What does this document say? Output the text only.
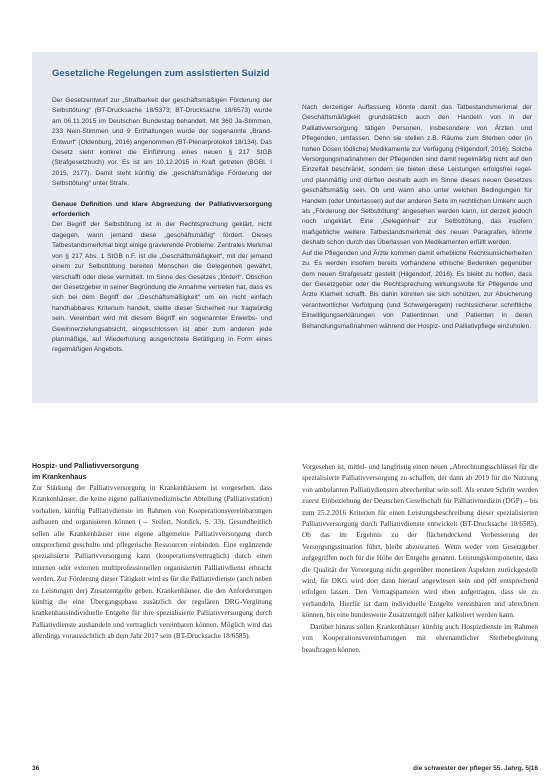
Gesetzliche Regelungen zum assistierten Suizid

Der Gesetzentwurf zur „Strafbarkeit der geschäftsmäßigen Förderung der Selbsttötung“ (BT-Drucksache 18/5373; BT-Drucksache 18/6573) wurde am 06.11.2015 im Deutschen Bundestag behandelt. Mit 360 Ja-Stimmen, 233 Nein-Stimmen und 9 Enthaltungen wurde der sogenannte „Brand-Entwurf“ (Oldenburg, 2016) angenommen (BT-Plenarprotokoll 18/134). Das Gesetz sieht konkret die Einführung eines neuen § 217 StGB (Strafgesetzbuch) vor. Es ist am 10.12.2015 in Kraft getreten (BGBl. I 2015, 2177). Damit steht künftig die „geschäftsmäßige Förderung der Selbsttötung“ unter Strafe.

Genaue Definition und klare Abgrenzung der Palliativversorgung erforderlich

Der Begriff der Selbsttötung ist in der Rechtsprechung geklärt, nicht dagegen, wann jemand diese „geschäftsmäßig“ fördert. Dieses Tatbestandsmerkmal birgt einige gravierende Probleme: Zentrales Merkmal von § 217 Abs. 1 StGB n.F. ist die „Geschäftsmäßigkeit“, mit der jemand einem zur Selbsttötung bereiten Menschen die Gelegenheit gewährt, verschafft oder diese vermittelt. Im Sinne des Gesetzes „fördert“. Obschon der Gesetzgeber in seiner Begründung die Annahme vertreten hat, dass es sich bei dem Begriff der „Geschäftsmäßigkeit“ um ein nicht einfach handhabbares Kriterium handelt, stellte dieser Sicherheit nur fragwürdig sein. Vereinbart wird mit diesem Begriff ein sogenannter Erwerbs- und Gewinnerzielungsabsicht, eingeschlossen ist aber zum anderen jede planmäßige, auf Wiederholung ausgerichtete Betätigung in Form eines regelmäßigen Angebots.

Nach derzeitiger Auffassung könnte damit das Tatbestandsmerkmal der Geschäftsmäßigkeit grundsätzlich auch den Handeln von in der Palliativversorgung tätigen Personen, insbesondere von Ärzten und Pflegenden, umfassen. Denn sie stellen z.B. Räume zum Sterben oder (in hohen Dosen tödliche) Medikamente zur Verfügung (Hilgendorf, 2016). Solche Versorgungsmaßnahmen der Pflegenden sind damit regelmäßig nicht auf den Einzelfall beschränkt, sondern sie bieten diese Leistungen erfolgsfrei regel- und planmäßig und dürften deshalb auch im Sinne dieses neuen Gesetzes geschäftsmäßig sein. Ob und wann also unter welchen Bedingungen für Handeln (oder Unterlassen) auf der anderen Seite im rechtlichen Umkehr auch als „Förderung der Selbsttötung“ angesehen werden kann, ist derzeit jedoch noch ungeklärt. Eine „Gelegenheit“ zur Selbsttötung, das insofern maßgebliche weitere Tatbestandsmerkmal des neuen Paragrafen, könnte deshalb schon durch das Überlassen von Medikamenten erfüllt werden.

Auf die Pflegenden und Ärzte kommen damit erhebliche Rechtsunsicherheiten zu. Es werden insofern bereits vorhandene ethische Bedenken gegenüber dem neuen Strafgesetz gestellt (Hilgendorf, 2016). Es bleibt zu hoffen, dass der Gesetzgeber oder die Rechtsprechung wirkungsvolle für Pflegende und Ärzte Klarheit schafft. Bis dahin könnten sie sich schützen, zur Absicherung verantwortlicher Verfolgung (und Schweigeregeln) rechtssicherer schriftliche Einwilligungserklärungen von Patientinnen und Patienten in deren Behandlungsmaßnahmen während der Hospiz- und Palliativpflege einzuholen.

Hospiz- und Palliativversorgung
im Krankenhaus

Zur Stärkung der Palliativversorgung in Krankenhäusern ist vorgesehen, dass Krankenhäuser, die keine eigene palliativmedizinische Abteilung (Palliativstation) vorhalten, künftig Palliativdienste im Rahmen von Kooperationsvereinbarungen aufbauen und organisieren können (→ Seifert, Nordick, S. 33). Gesundheitlich sollen alle Krankenhäuser eine eigene allgemeine Palliativversorgung durch entsprechend geschulte und pflegerische Ressourcen einbinden. Eine ergänzende spezialisierte Palliativversorgung kann (kooperationsvertraglich) durch einen internen oder externen multiprofessionellen organisierten Palliativdienst erbracht werden. Zur Förderung dieser Tätigkeit wird es für die Palliativdienste (auch neben zu Leistungen der) Zusatzentgelte geben. Krankenhäuser, die den Anforderungen künftig die eine Übergangsphase zusätzlich der regulären DRG-Vergütung krankenhausindividuelle Entgelte für ihre spezialisierte Palliativversorgung durch Palliativdienste aushandeln und vertraglich vereinbaren können. Möglich wird das allerdings voraussichtlich ab dem Jahr 2017 sein (BT-Drucksache 18/6585).

Vorgesehen ist, mittel- und langfristig einen neuen „Abrechnungsschlüssel für die spezialisierte Palliativversorgung zu schaffen, der dann ab 2019 für die Nutzung von ambulanten Palliativdiensten abrechenbar sein soll. Als ersten Schritt werden zuerst Einbeziehung der Deutschen Gesellschaft für Palliativmedizin (DGP) – bis zum 25.2.2016 Kriterien für einen Leistungsbeschreibung dieser spezialisierten Palliativversorgung durch Palliativdienste entwickelt (BT-Drucksache 18/6585). Ob das im Ergebnis zu der flächendeckend Verbesserung der Versorgungssituation führt, bleibt abzuwarten. Wenn weder vom Gesetzgeber aufgegriffen noch für die Höhe der Entgelte genannt. Leistungskomponente, dass die Qualität der Versorgung nicht gegenüber monetären Aspekten zurückgestellt wird, für DKG wird dort dann hierauf angewiesen sein und pdf entsprechend erfolgen lassen. Den Vertragsparteien wird eben aufgetragen, dass sie zu verhandeln. Hierfür ist dann individuelle Entgelte vereinbaren und abrechnen können, bis eine bundesweite Zusatzentgelt näher kalkuliert werden kann.

Darüber hinaus sollen Krankenhäuser künftig auch Hospizdienste im Rahmen von Kooperationsvereinbarungen mit ehrenamtlicher Sterbebegleitung beauftragen können.

36	die schwester der pfleger 55. Jahrg. 5|16
